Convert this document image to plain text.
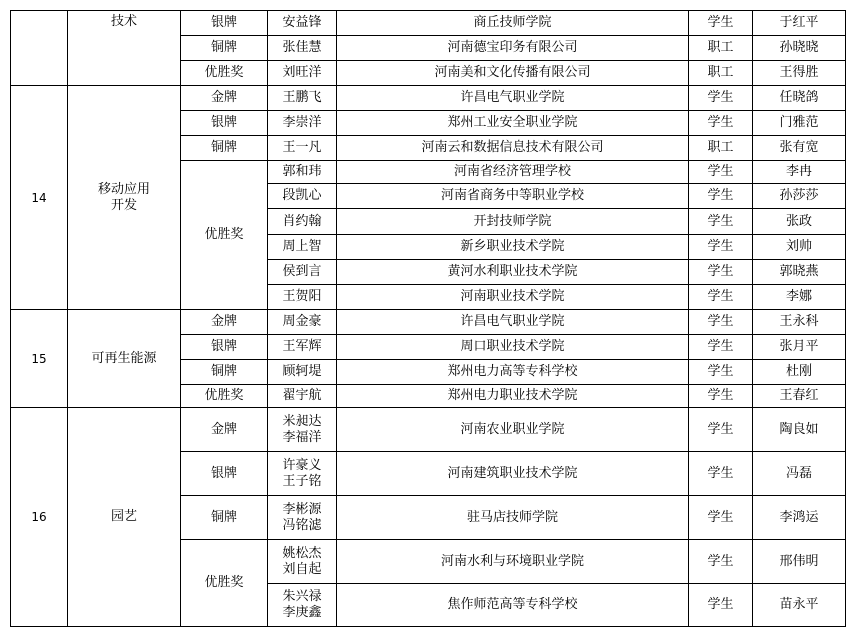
	技术	银牌	安益锋	商丘技师学院	学生	于红平
		铜牌	张佳慧	河南德宝印务有限公司	职工	孙晓晓
		优胜奖	刘旺洋	河南美和文化传播有限公司	职工	王得胜
14	移动应用
开发	金牌	王鹏飞	许昌电气职业学院	学生	任晓鸽
		银牌	李崇洋	郑州工业安全职业学院	学生	门雅范
		铜牌	王一凡	河南云和数据信息技术有限公司	职工	张有宽
		优胜奖	郭和玮	河南省经济管理学校	学生	李冉

			段凯心	河南省商务中等职业学校	学生	孙莎莎

			肖约翰	开封技师学院	学生	张政

			周上智	新乡职业技术学院	学生	刘帅

			侯到言	黄河水利职业技术学院	学生	郭晓燕

			王贺阳	河南职业技术学院	学生	李娜
15	可再生能源	金牌	周金豪	许昌电气职业学院	学生	王永科
		银牌	王军辉	周口职业技术学院	学生	张月平
		铜牌	顾轲堤	郑州电力高等专科学校	学生	杜刚
		优胜奖	翟宇航	郑州电力职业技术学院	学生	王春红
16	园艺	金牌	米昶达
李福洋	河南农业职业学院	学生	陶良如
		银牌	许豪义
王子铭	河南建筑职业技术学院	学生	冯磊
		铜牌	李彬源
冯铭滤	驻马店技师学院	学生	李鸿运
		优胜奖	姚松杰
刘自起	河南水利与环境职业学院	学生	邢伟明

			朱兴禄
李庚鑫	焦作师范高等专科学校	学生	苗永平
